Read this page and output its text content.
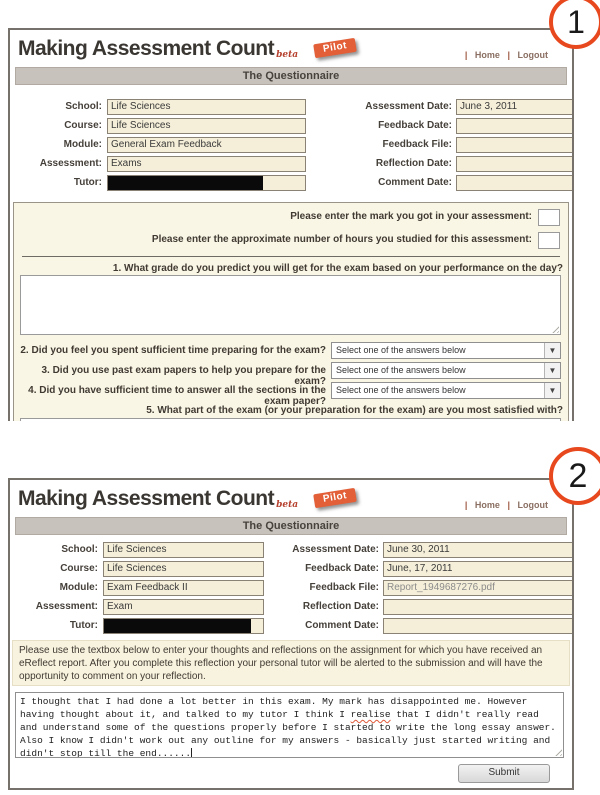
Making Assessment Count beta
Pilot
| Home | Logout
The Questionnaire
School: Life Sciences	Assessment Date: June 3, 2011
Course: Life Sciences	Feedback Date:
Module: General Exam Feedback	Feedback File:
Assessment: Exams	Reflection Date:
Tutor:	Comment Date:
Please enter the mark you got in your assessment:
Please enter the approximate number of hours you studied for this assessment:
1. What grade do you predict you will get for the exam based on your performance on the day?
2. Did you feel you spent sufficient time preparing for the exam?	Select one of the answers below	▼
3. Did you use past exam papers to help you prepare for the exam?
Select one of the answers below	▼
4. Did you have sufficient time to answer all the sections in the exam paper?
Select one of the answers below	▼
5. What part of the exam (or your preparation for the exam) are you most satisfied with?
Making Assessment Count beta
Pilot
| Home | Logout
The Questionnaire
School: Life Sciences	Assessment Date: June 30, 2011
Course: Life Sciences	Feedback Date: June, 17, 2011
Module: Exam Feedback II	Feedback File: Report_1949687276.pdf
Assessment: Exam	Reflection Date:
Tutor:	Comment Date:
Please use the textbox below to enter your thoughts and reflections on the assignment for which you have received an eReflect report. After you complete this reflection your personal tutor will be alerted to the submission and will have the opportunity to comment on your reflection.
I thought that I had done a lot better in this exam. My mark has disappointed me. However having thought about it, and talked to my tutor I think I realise that I didn't really read and understand some of the questions properly before I started to write the long essay answer. Also I know I didn't work out any outline for my answers - basically just started writing and didn't stop till the end......
Submit
1
2
